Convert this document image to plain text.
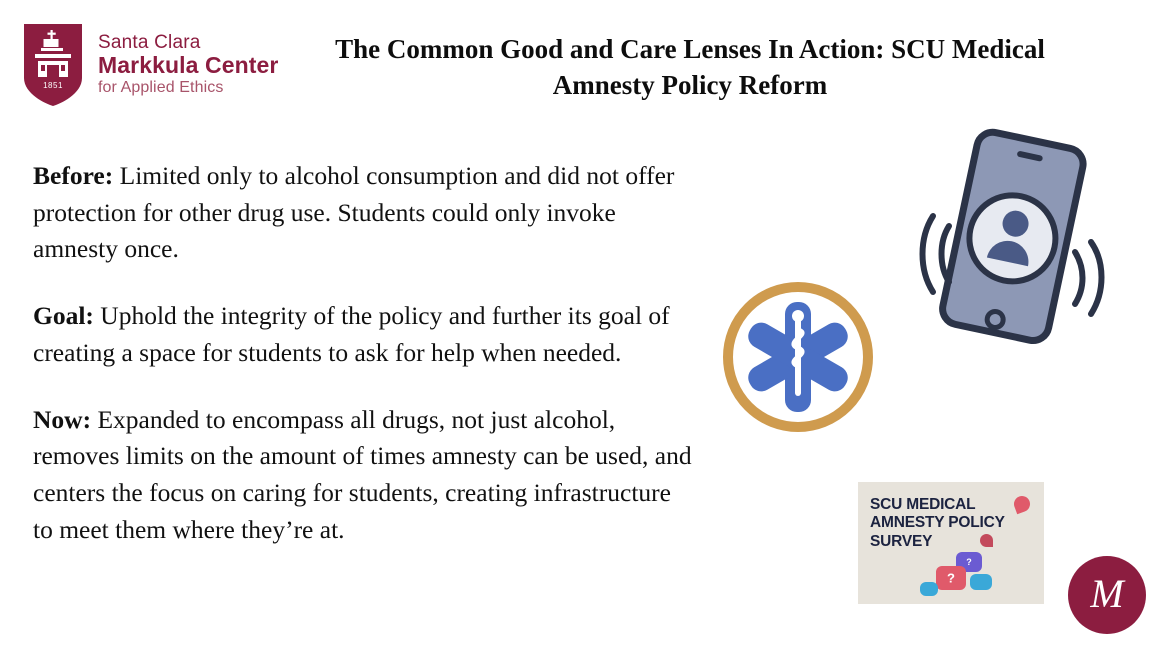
1851
Santa Clara
Markkula Center
for Applied Ethics
The Common Good and Care Lenses In Action: SCU Medical Amnesty Policy Reform
Before: Limited only to alcohol consumption and did not offer protection for other drug use. Students could only invoke amnesty once.
Goal: Uphold the integrity of the policy and further its goal of creating a space for students to ask for help when needed.
Now: Expanded to encompass all drugs, not just alcohol, removes limits on the amount of times amnesty can be used, and centers the focus on caring for students, creating infrastructure to meet them where they’re at.
SCU MEDICAL AMNESTY POLICY SURVEY
?
?	M
